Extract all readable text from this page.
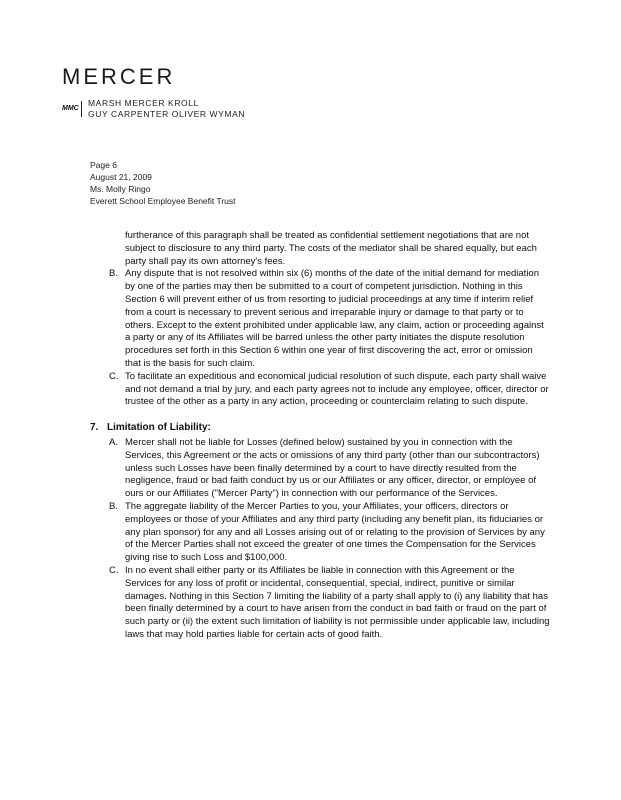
MERCER
MMC
MARSH MERCER KROLL
GUY CARPENTER OLIVER WYMAN
Page 6
August 21, 2009
Ms. Molly Ringo
Everett School Employee Benefit Trust
furtherance of this paragraph shall be treated as confidential settlement negotiations that are not subject to disclosure to any third party. The costs of the mediator shall be shared equally, but each party shall pay its own attorney's fees.
B. Any dispute that is not resolved within six (6) months of the date of the initial demand for mediation by one of the parties may then be submitted to a court of competent jurisdiction. Nothing in this Section 6 will prevent either of us from resorting to judicial proceedings at any time if interim relief from a court is necessary to prevent serious and irreparable injury or damage to that party or to others. Except to the extent prohibited under applicable law, any claim, action or proceeding against a party or any of its Affiliates will be barred unless the other party initiates the dispute resolution procedures set forth in this Section 6 within one year of first discovering the act, error or omission that is the basis for such claim.
C. To facilitate an expeditious and economical judicial resolution of such dispute, each party shall waive and not demand a trial by jury, and each party agrees not to include any employee, officer, director or trustee of the other as a party in any action, proceeding or counterclaim relating to such dispute.
7. Limitation of Liability:
A. Mercer shall not be liable for Losses (defined below) sustained by you in connection with the Services, this Agreement or the acts or omissions of any third party (other than our subcontractors) unless such Losses have been finally determined by a court to have directly resulted from the negligence, fraud or bad faith conduct by us or our Affiliates or any officer, director, or employee of ours or our Affiliates ("Mercer Party") in connection with our performance of the Services.
B. The aggregate liability of the Mercer Parties to you, your Affiliates, your officers, directors or employees or those of your Affiliates and any third party (including any benefit plan, its fiduciaries or any plan sponsor) for any and all Losses arising out of or relating to the provision of Services by any of the Mercer Parties shall not exceed the greater of one times the Compensation for the Services giving rise to such Loss and $100,000.
C. In no event shall either party or its Affiliates be liable in connection with this Agreement or the Services for any loss of profit or incidental, consequential, special, indirect, punitive or similar damages. Nothing in this Section 7 limiting the liability of a party shall apply to (i) any liability that has been finally determined by a court to have arisen from the conduct in bad faith or fraud on the part of such party or (ii) the extent such limitation of liability is not permissible under applicable law, including laws that may hold parties liable for certain acts of good faith.
